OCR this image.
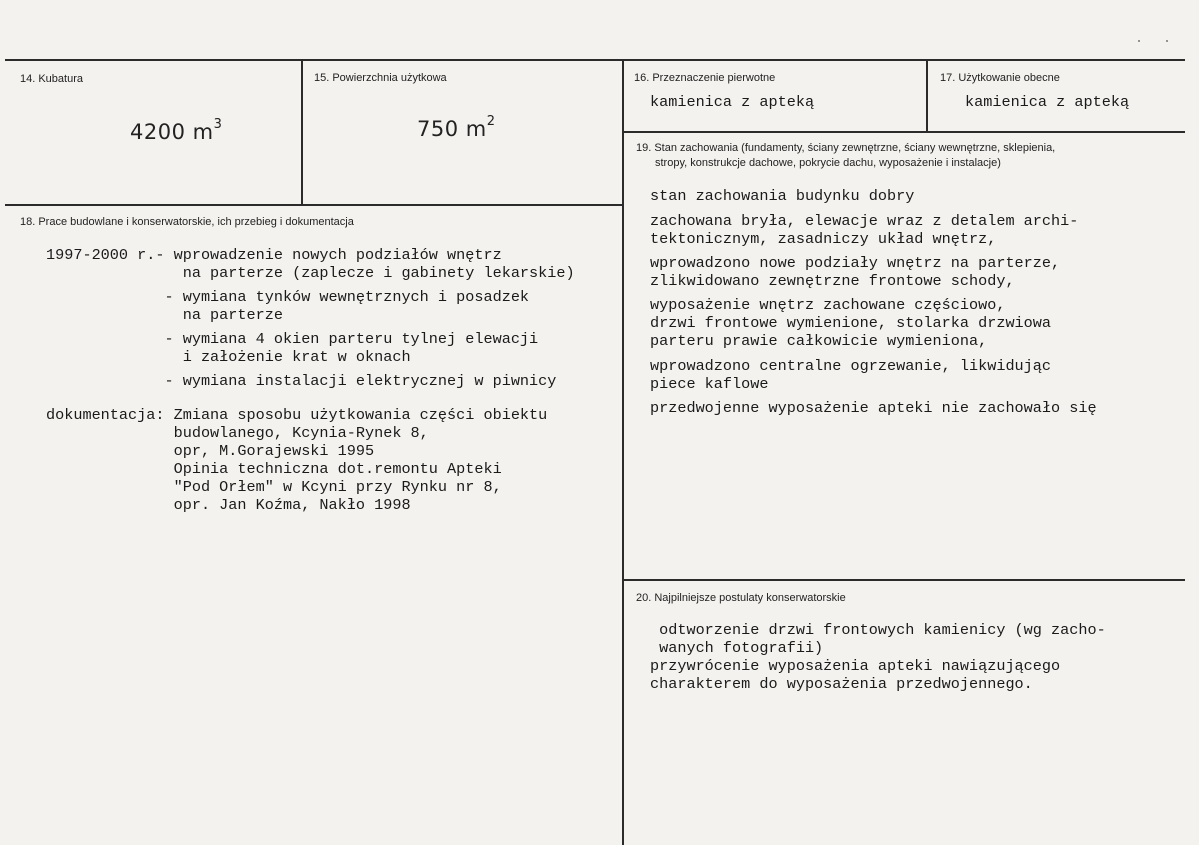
14. Kubatura
4200 $m^3$
15. Powierzchnia użytkowa
750 $m^2$
16. Przeznaczenie pierwotne
kamienica z apteką
17. Użytkowanie obecne
kamienica z apteką
18. Prace budowlane i konserwatorskie, ich przebieg i dokumentacja
1997-2000 r.- wprowadzenie nowych podziałów wnętrz
na parterze (zaplecze i gabinety lekarskie)
- wymiana tynków wewnętrznych i posadzek
na parterze
- wymiana 4 okien parteru tylnej elewacji
i założenie krat w oknach
- wymiana instalacji elektrycznej w piwnicy
dokumentacja: Zmiana sposobu użytkowania części obiektu
budowlanego, Kcynia-Rynek 8,
opr, M.Gorajewski 1995
Opinia techniczna dot.remontu Apteki
"Pod Orłem" w Kcyni przy Rynku nr 8,
opr. Jan Koźma, Nakło 1998
19. Stan zachowania (fundamenty, ściany zewnętrzne, ściany wewnętrzne, sklepienia,
stropy, konstrukcje dachowe, pokrycie dachu, wyposażenie i instalacje)
stan zachowania budynku dobry
zachowana bryła, elewacje wraz z detalem archi-
tektonicznym, zasadniczy układ wnętrz,
wprowadzono nowe podziały wnętrz na parterze,
zlikwidowano zewnętrzne frontowe schody,
wyposażenie wnętrz zachowane częściowo,
drzwi frontowe wymienione, stolarka drzwiowa
parteru prawie całkowicie wymieniona,
wprowadzono centralne ogrzewanie, likwidując
piece kaflowe
przedwojenne wyposażenie apteki nie zachowało się
20. Najpilniejsze postulaty konserwatorskie
odtworzenie drzwi frontowych kamienicy (wg zacho-
wanych fotografii)
przywrócenie wyposażenia apteki nawiązującego
charakterem do wyposażenia przedwojennego.
